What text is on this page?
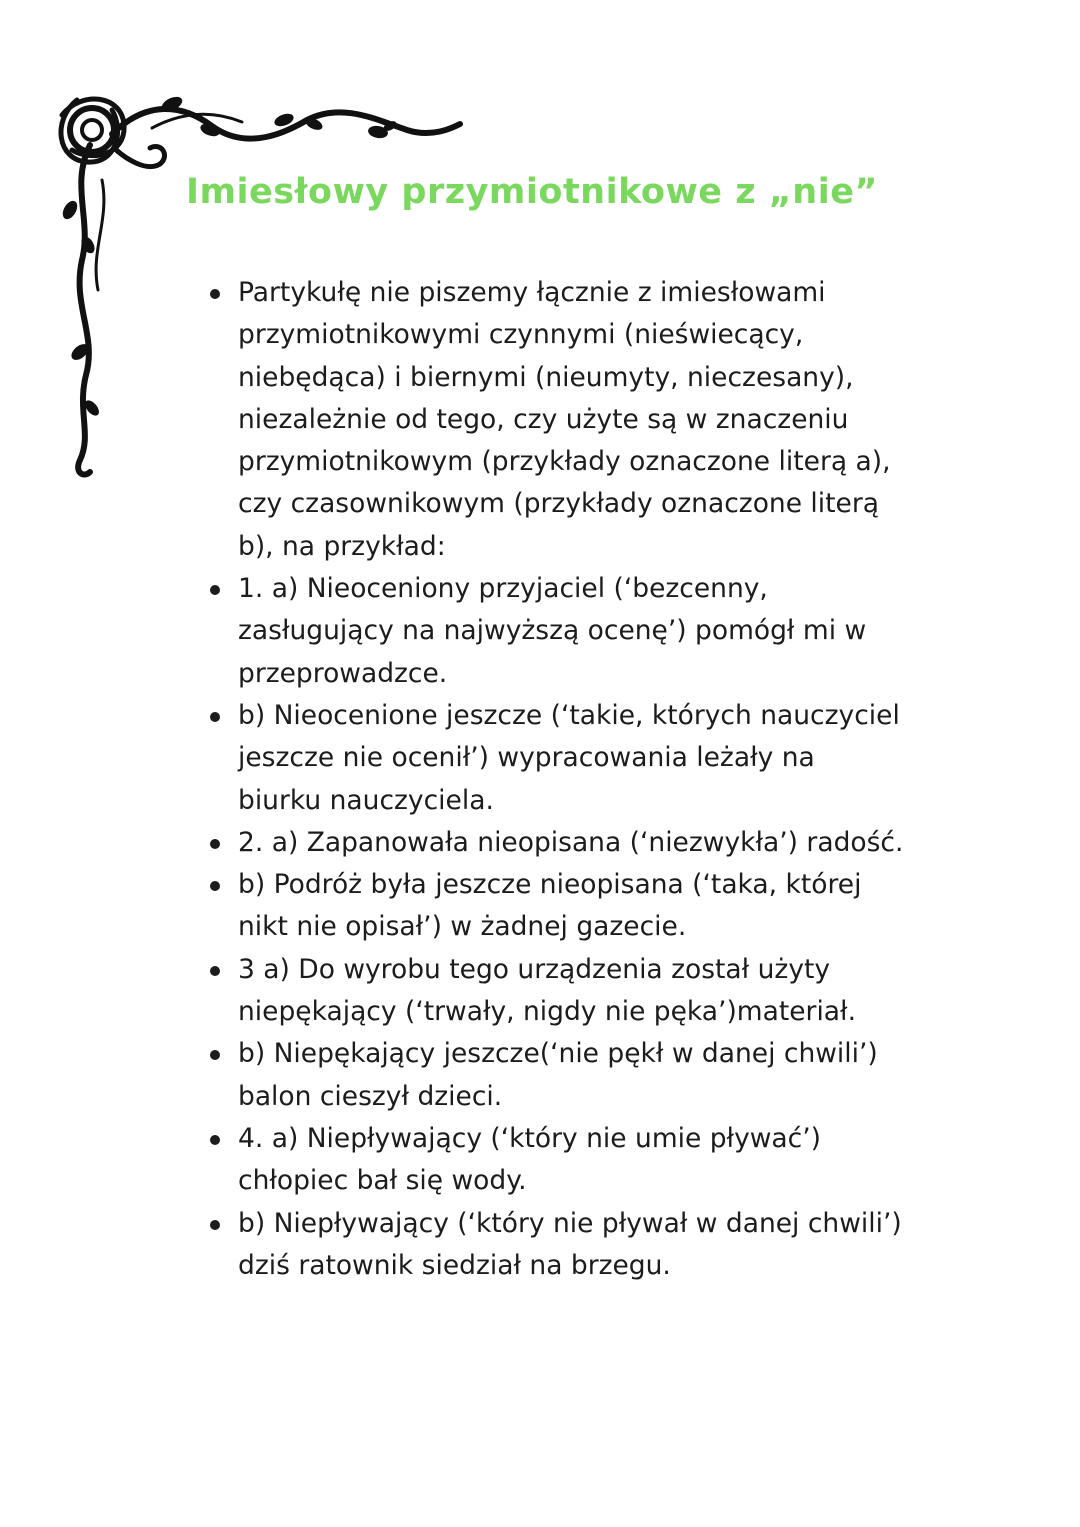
Imiesłowy przymiotnikowe z „nie”
Partykułę nie piszemy łącznie z imiesłowami przymiotnikowymi czynnymi (nieświecący, niebędąca) i biernymi (nieumyty, nieczesany), niezależnie od tego, czy użyte są w znaczeniu przymiotnikowym (przykłady oznaczone literą a), czy czasownikowym (przykłady oznaczone literą b), na przykład:
1. a) Nieoceniony przyjaciel (‘bezcenny, zasługujący na najwyższą ocenę’) pomógł mi w przeprowadzce.
b) Nieocenione jeszcze (‘takie, których nauczyciel jeszcze nie ocenił’) wypracowania leżały na biurku nauczyciela.
2. a) Zapanowała nieopisana (‘niezwykła’) radość.
b) Podróż była jeszcze nieopisana (‘taka, której nikt nie opisał’) w żadnej gazecie.
3 a) Do wyrobu tego urządzenia został użyty niepękający (‘trwały, nigdy nie pęka’)materiał.
b) Niepękający jeszcze(‘nie pękł w danej chwili’) balon cieszył dzieci.
4. a) Niepływający (‘który nie umie pływać’) chłopiec bał się wody.
b) Niepływający (‘który nie pływał w danej chwili’) dziś ratownik siedział na brzegu.
